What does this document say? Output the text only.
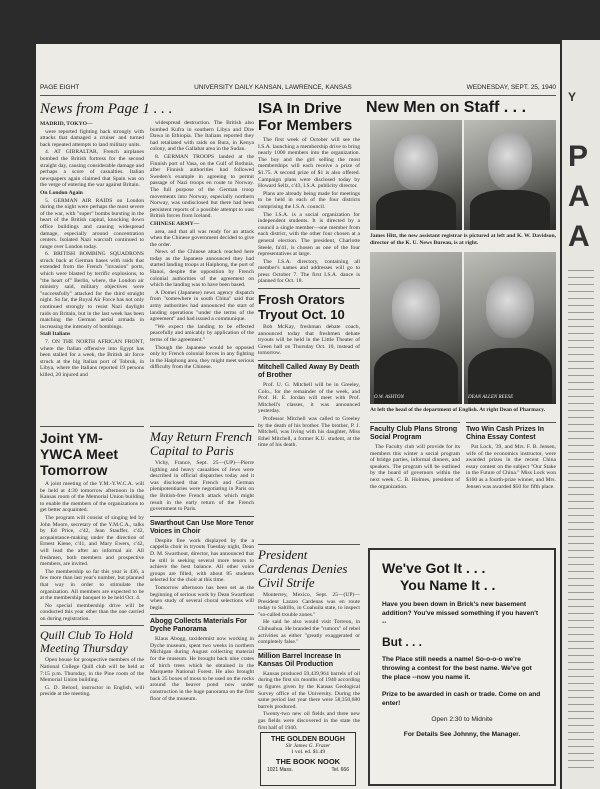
PAGE EIGHT	UNIVERSITY DAILY KANSAN, LAWRENCE, KANSAS	WEDNESDAY, SEPT. 25, 1940
News from Page 1 . . .

MADRID, TOKYO—

were reported fighting back strongly with attacks that damaged a cruiser and turned back repeated attempts to land military units.

4. AT GIBRALTAR, French airplanes bombed the British fortress for the second straight day, causing considerable damage and perhaps a score of casualties. Italian newspapers again claimed that Spain was on the verge of entering the war against Britain.

On London Again

5. GERMAN AIR RAIDS on London during the night were perhaps the most severe of the war, with "super" bombs bursting in the heart of the British capital, knocking down office buildings and causing widespread damage, especially around concentration centers. Isolated Nazi warcraft continued to range over London today.

6. BRITISH BOMBING SQUADRONS struck back at German bases with raids that extended from the French "invasion" ports, which were blasted by terrific explosions, to "the heart of" Berlin, where, the London air ministry said, military objectives were "successfully" attacked for the third straight night. So far, the Royal Air Force has not only continued strongly to resist Nazi daylight raids on Britain, but in the last week has been matching the German aerial armada in increasing the intensity of bombings.

Stall Italians

7. ON THE NORTH AFRICAN FRONT, where the Italian offensive into Egypt has been stalled for a week, the British air force struck at the big Italian port of Tobruk, in Libya, where the Italians reported 19 persons killed, 20 injured and

Joint YM-YWCA Meet Tomorrow

A joint meeting of the Y.M.-Y.W.C.A. will be held at 4:30 tomorrow afternoon in the Kansas room of the Memorial Union building to enable the members of the organizations to get better acquainted.

The program will consist of singing led by John Moore, secretary of the Y.M.C.A., talks by Ed Price, c'42, Jean Stauffer, c'42, acquaintance-making under the direction of Ernest Kiene, c'41, and Mary Ewers, c'42, will lead the after an informal air. All freshmen, both members and prospective members, are invited.

The membership so far this year is 436, a few more than last year's number, but planned that way in order to stimulate the organization. All members are expected to be at the membership banquet to be held Oct. 4.

No special membership drive will be conducted this year other than the one carried on during registration.

Quill Club To Hold Meeting Thursday

Open house for prospective members of the National College Quill club will be held at 7:15 p.m. Thursday, in the Pine room of the Memorial Union building.

G. D. Beloof, instructor in English, will preside at the meeting.

widespread destruction. The British also bombed Kufra in southern Libya and Dire Dawa in Ethiopia. The Italians reported they had retaliated with raids on Bura, in Kenya colony, and the Gallabat area in the Sudan.

8. GERMAN TROOPS landed at the Finnish port of Vasa, on the Gulf of Bothnia, after Finnish authorities had followed Sweden's example in agreeing to permit passage of Nazi troops en route to Norway. The full purpose of the German troop movements into Norway, especially northern Norway, was undisclosed but there had been persistent reports of a possible attempt to oust British forces from Iceland.

CHINESE ARMY—

area, and that all was ready for an attack when the Chinese government decided to give the order.

News of the Chinese attack reached here today as the Japanese announced they had started landing troops at Haiphong, the port of Hanoi, despite the opposition by French colonial authorities of the agreement on which the landing was to have been based.

A Domei (Japanese) news agency dispatch from "somewhere in south China" said that army authorities had announced the start of landing operations "under the terms of the agreement" and had issued a communique.

"We expect the landing to be effected peacefully and amicably by application of the terms of the agreement."

Though the Japanese would be opposed only by French colonial forces in any fighting in the Haiphong area, they might meet serious difficulty from the Chinese.

May Return French Capital to Paris

Vichy, France, Sept. 25—(UP)—Pierre ligthing and heavy casualties of Jews were described in official dispatches today and it was disclosed that French and German plenipotentiaries were negotiating in Paris on the British-free French attack which might result in the early return of the French government to Paris.

Swarthout Can Use More Tenor Voices in Choir

Despite fine work displayed by the a cappella choir in tryouts Tuesday night, Dean D. M. Swarthout, director, has announced that he still is seeking several more tenors to achieve the best balance. All other voice groups are filled, with about 85 students selected for the choir at this time.

Tomorrow afternoon has been set as the beginning of serious work by Dean Swarthout when study of several choral selections will begin.

Abogg Collects Materials For Dyche Panorama

Klaus Abogg, taxidermist now working in Dyche museum, spent two weeks in northern Michigan during August collecting material for the museum. He brought back nine crates of birch trees which he obtained in the Marquette National Forest. He also brought back 25 boxes of moss to be used on the rocks around the beaver pond now under construction in the huge panorama on the first floor of the museum.

ISA In Drive For Members

The first week of October will see the I.S.A. launching a membership drive to bring nearly 1000 members into the organization. The boy and the girl selling the most memberships will each receive a prize of $1.75. A second prize of $1 is also offered. Campaign plans were disclosed today by Howard Sellz, c'43, I.S.A. publicity director.

Plans are already being made for meetings to be held in each of the four districts comprising the I.S.A. council.

The I.S.A. is a social organization for independent students. It is directed by a council a single member—one member from each district, with the other four chosen at a general election. The president, Charlotte Steele, fa'41, is chosen as one of the four representatives at large.

The I.S.A. directory, containing all member's names and addresses will go to press October 7. The first I.S.A. dance is planned for Oct. 18.

Frosh Orators Tryout Oct. 10

Bob McKay, freshman debate coach, announced today that freshmen debate tryouts will be held in the Little Theater of Green hall on Thursday Oct. 10, instead of tomorrow.

Mitchell Called Away By Death of Brother

Prof. U. G. Mitchell will be in Greeley, Colo., for the remainder of the week, and Prof. H. E. Jordan will meet with Prof. Mitchell's classes, it was announced yesterday.

Professor Mitchell was called to Greeley by the death of his brother. The brother, P. J. Mitchell, was living with his daughter, Miss Ethel Mitchell, a former K.U. student, at the time of his death.

President Cardenas Denies Civil Strife

Monterrey, Mexico, Sept. 25—(UP)—President Lazaro Cardenas was en route today to Saltillo, in Coahuila state, to inspect "so-called trouble zones."

He said he also would visit Torreon, in Chihuahua. He branded the "rumors" of rebel activities as either "greatly exaggerated or completely false."

Million Barrel Increase In Kansas Oil Production

Kansas produced 59,439,964 barrels of oil during the first six months of 1940 according to figures given by the Kansas Geological Survey office of the University. During the same period last year there were 58,350,680 barrels produced.

Twenty-two new oil fields and three new gas fields were discovered in the state the first half of 1940.

THE GOLDEN BOUGH
Sir James G. Frazer
1 vol. ed. $1.49
THE BOOK NOOK
1021 Mass.	Tel. 666
New Men on Staff . . .
James Hitt, the new assistant registrar is pictured at left and K. W. Davidson, director of the K. U. News Bureau, is at right.
O.W. ASHTON	DEAN ALLEN REESE
At left the head of the department of English. At right Dean of Pharmacy.
Faculty Club Plans Strong Social Program

The Faculty club will provide for its members this winter a social program of bridge parties, informal dinners, and speakers. The program will be outlined by the board of governors within the next week. C. B. Holmes, president of the organization.

Two Win Cash Prizes In China Essay Contest

Pat Lock, '39, and Mrs. F. B. Jensen, wife of the economics instructor, were awarded prizes in the recent China essay contest on the subject "Our Stake in the Future of China." Miss Lock won $100 as a fourth-prize winner, and Mrs. Jensen was awarded $50 for fifth place.

We've Got It . . .
You Name It . .
Have you been down in Brick's new basement addition? You've missed something if you haven't --
But . . .
The Place still needs a name! So-o-o-o we're throwing a contest for the best name. We've got the place --now you name it.
Prize to be awarded in cash or trade. Come on and enter!
Open 2:30 to Midnite
For Details See Johnny, the Manager.
Y
P
A
A
